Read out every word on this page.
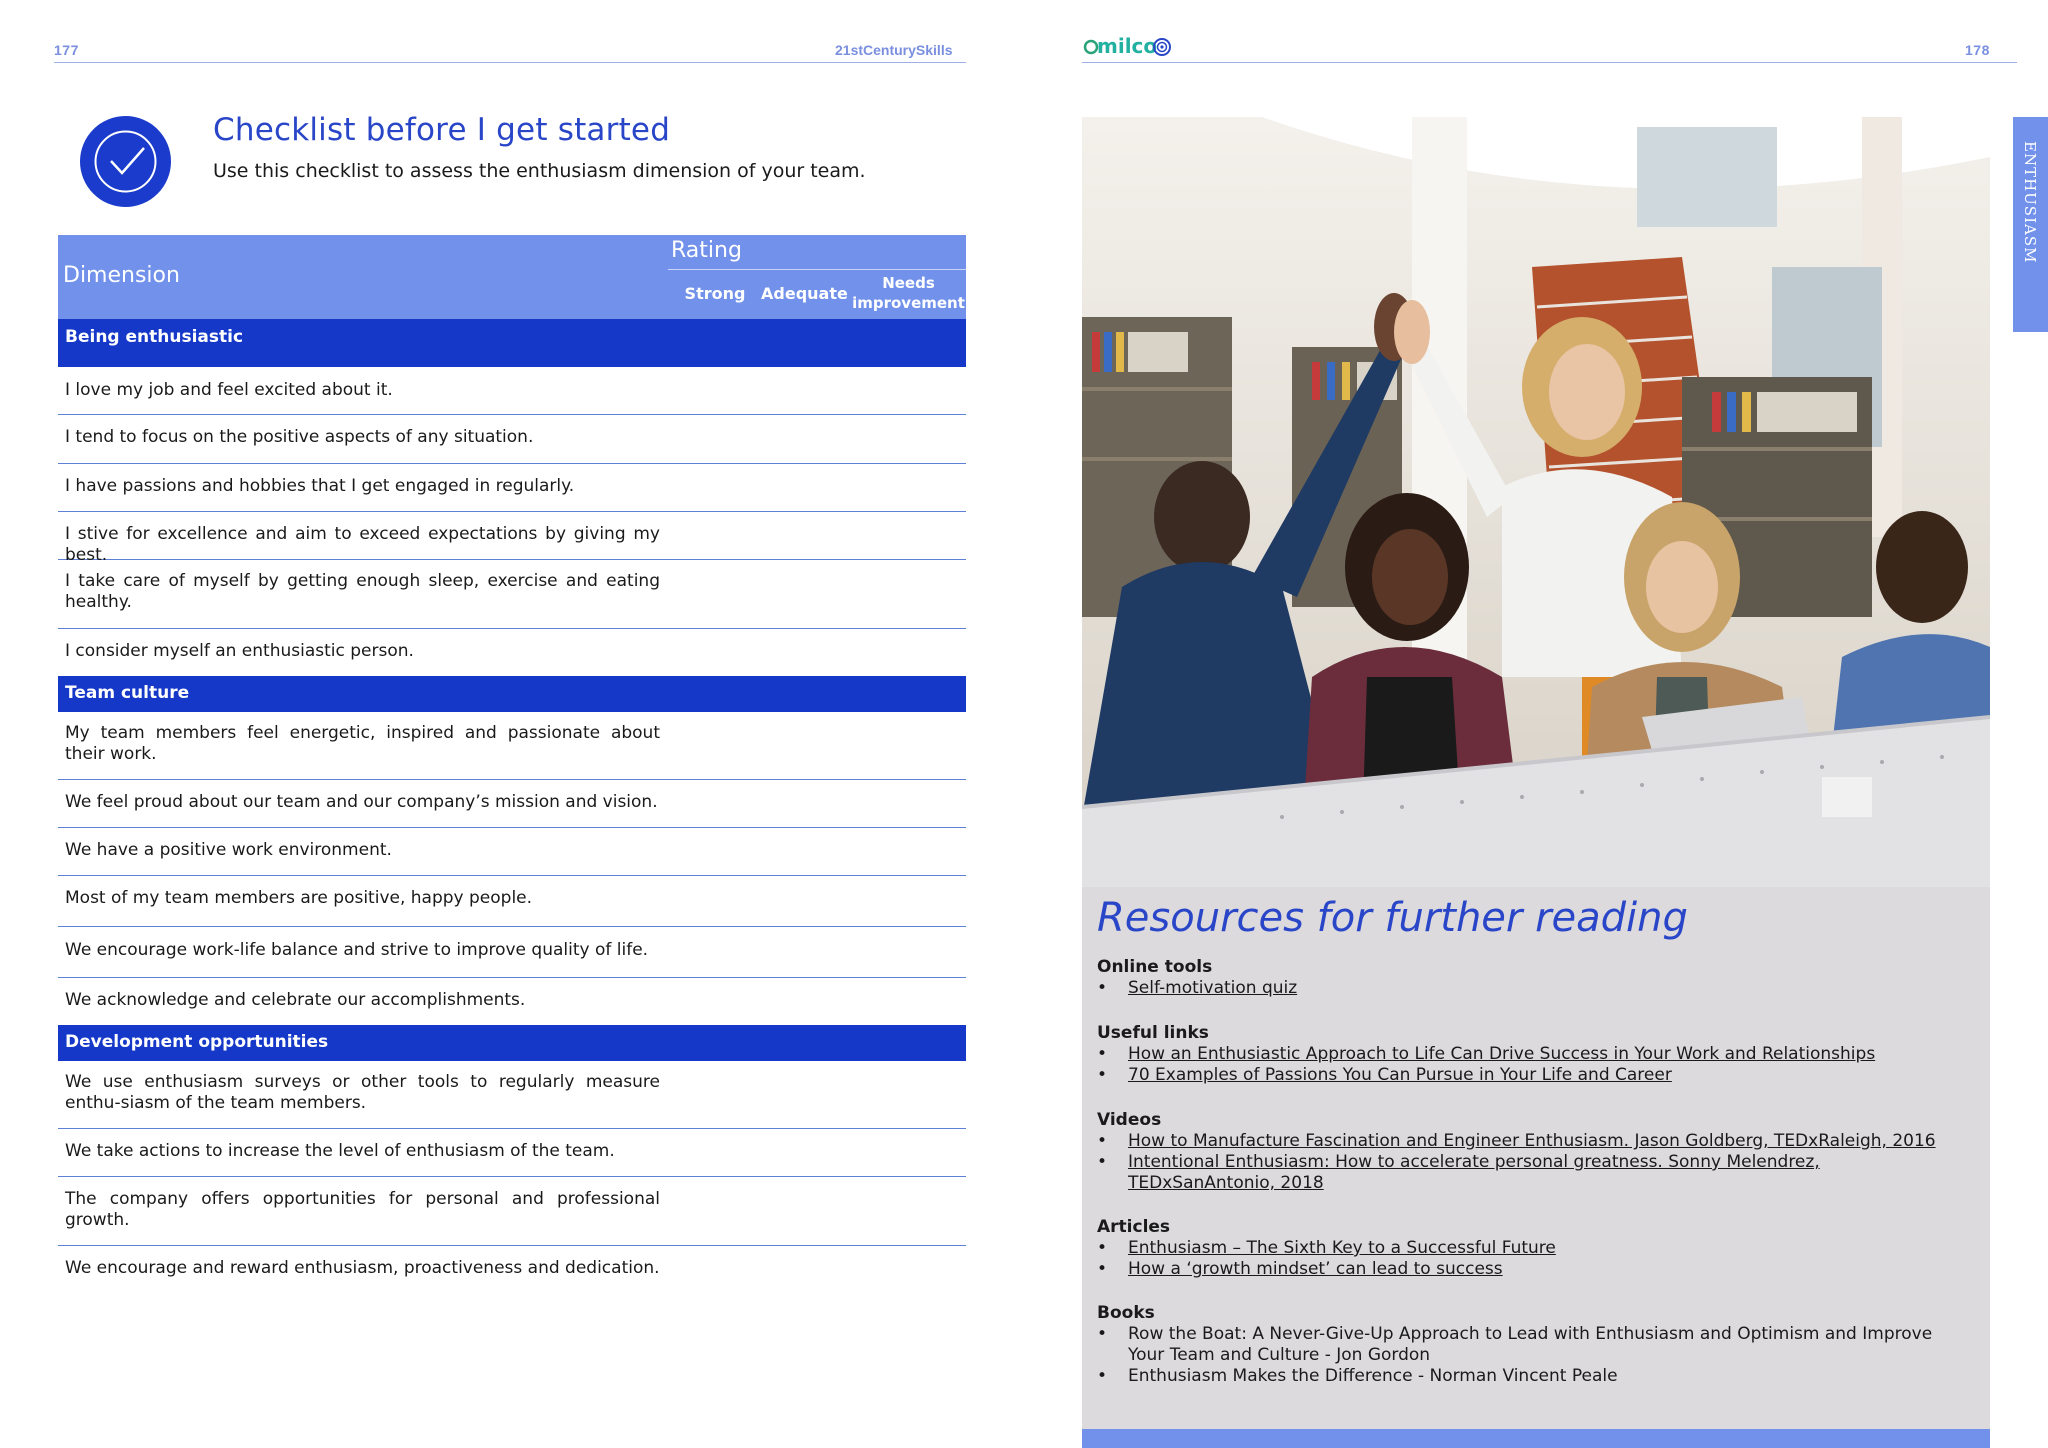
177	21stCenturySkills
Checklist before I get started
Use this checklist to assess the enthusiasm dimension of your team.
Dimension
Rating
Strong Adequate
Needs improvement
Being enthusiastic
I love my job and feel excited about it.
I tend to focus on the positive aspects of any situation.
I have passions and hobbies that I get engaged in regularly.
I stive for excellence and aim to exceed expectations by giving my best.
I take care of myself by getting enough sleep, exercise and eating healthy.
I consider myself an enthusiastic person.
Team culture
My team members feel energetic, inspired and passionate about their work.
We feel proud about our team and our company’s mission and vision.
We have a positive work environment.
Most of my team members are positive, happy people.
We encourage work-life balance and strive to improve quality of life.
We acknowledge and celebrate our accomplishments.
Development opportunities
We use enthusiasm surveys or other tools to regularly measure enthu-siasm of the team members.
We take actions to increase the level of enthusiasm of the team.
The company offers opportunities for personal and professional growth.
We encourage and reward enthusiasm, proactiveness and dedication.
178
milco
ENTHUSIASM
Resources for further reading
Online tools
• Self-motivation quiz
Useful links
• How an Enthusiastic Approach to Life Can Drive Success in Your Work and Relationships
• 70 Examples of Passions You Can Pursue in Your Life and Career
Videos
• How to Manufacture Fascination and Engineer Enthusiasm. Jason Goldberg, TEDxRaleigh, 2016
• Intentional Enthusiasm: How to accelerate personal greatness. Sonny Melendrez, TEDxSanAntonio, 2018
Articles
• Enthusiasm – The Sixth Key to a Successful Future
• How a ‘growth mindset’ can lead to success
Books
• Row the Boat: A Never-Give-Up Approach to Lead with Enthusiasm and Optimism and Improve Your Team and Culture - Jon Gordon
• Enthusiasm Makes the Difference - Norman Vincent Peale
